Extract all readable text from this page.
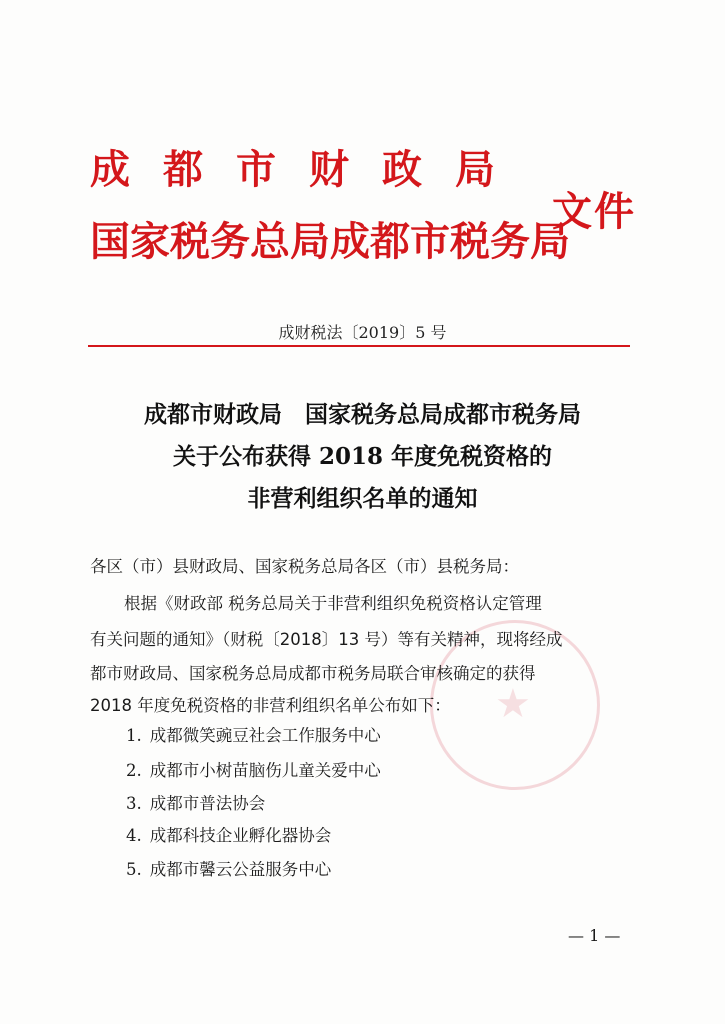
成都市财政局
国家税务总局成都市税务局
文件
成财税法〔2019〕5 号
成都市财政局　国家税务总局成都市税务局
关于公布获得 2018 年度免税资格的
非营利组织名单的通知
★
各区（市）县财政局、国家税务总局各区（市）县税务局：
根据《财政部 税务总局关于非营利组织免税资格认定管理
有关问题的通知》（财税〔2018〕13 号）等有关精神，现将经成
都市财政局、国家税务总局成都市税务局联合审核确定的获得
2018 年度免税资格的非营利组织名单公布如下：
1. 成都微笑豌豆社会工作服务中心
2. 成都市小树苗脑伤儿童关爱中心
3. 成都市普法协会
4. 成都科技企业孵化器协会
5. 成都市馨云公益服务中心
— 1 —
